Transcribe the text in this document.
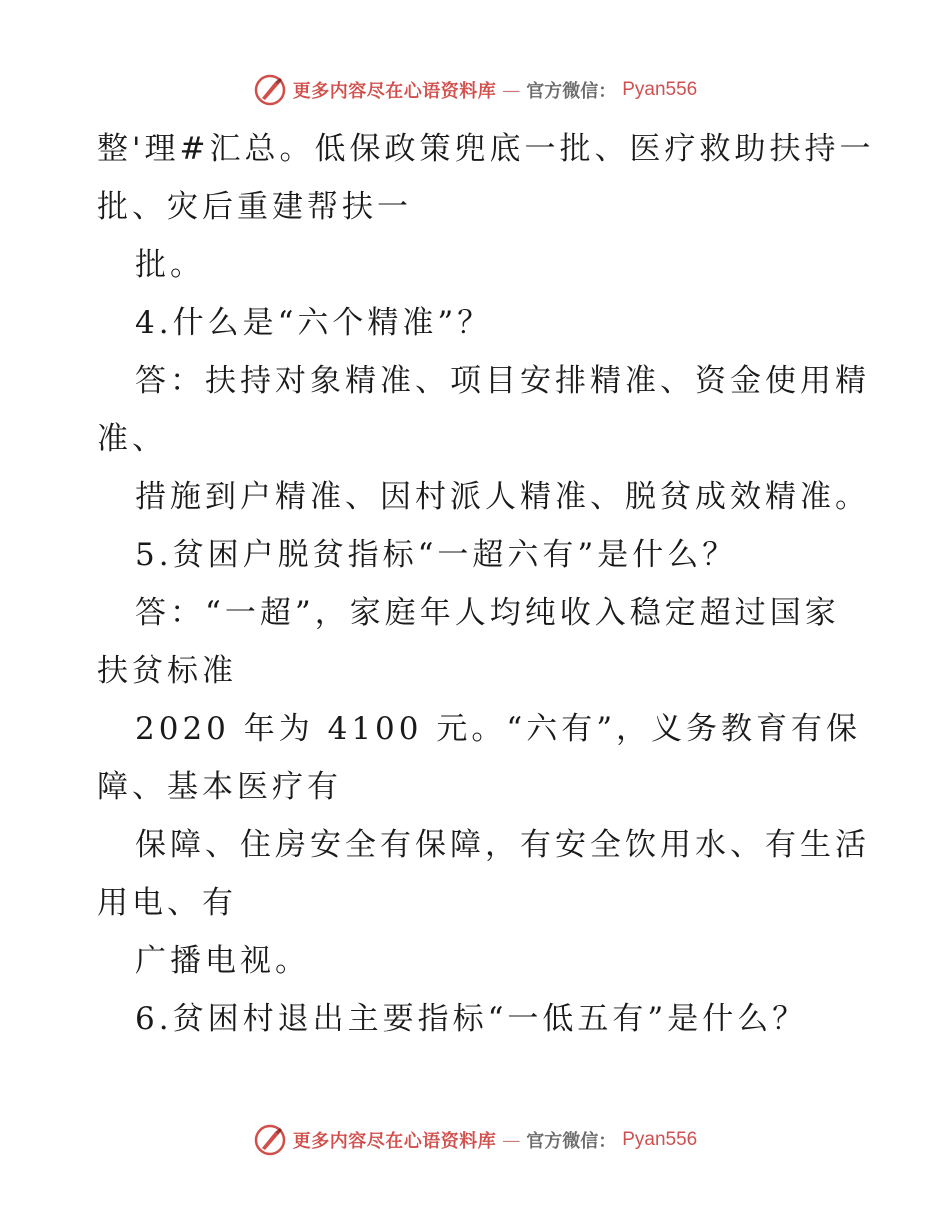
更多内容尽在心语资料库 — 官方微信： Pyan556
整'理#汇总。低保政策兜底一批、医疗救助扶持一
批、灾后重建帮扶一
批。
4.什么是“六个精准”？
答：扶持对象精准、项目安排精准、资金使用精
准、
措施到户精准、因村派人精准、脱贫成效精准。
5.贫困户脱贫指标“一超六有”是什么？
答：“一超”，家庭年人均纯收入稳定超过国家
扶贫标准
2020 年为 4100 元。“六有”，义务教育有保
障、基本医疗有
保障、住房安全有保障，有安全饮用水、有生活
用电、有
广播电视。
6.贫困村退出主要指标“一低五有”是什么？
更多内容尽在心语资料库 — 官方微信： Pyan556
